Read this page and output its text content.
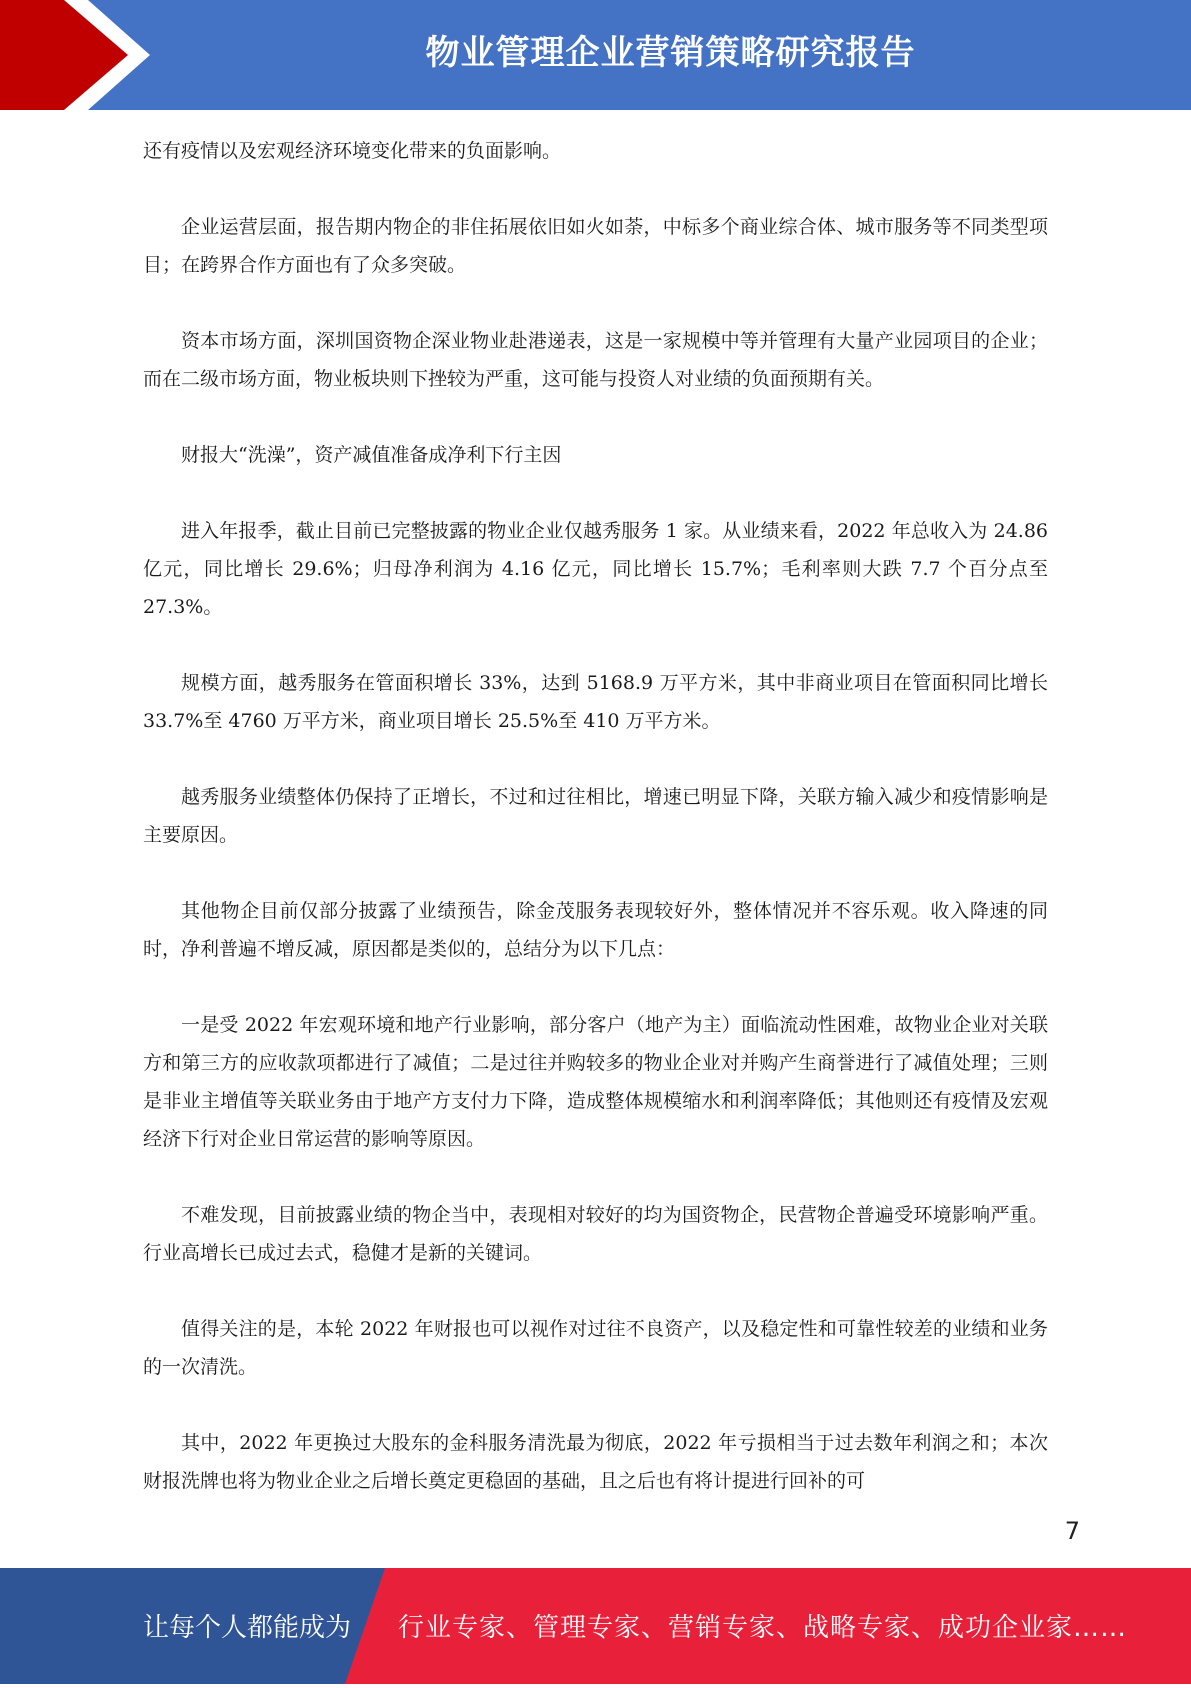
物业管理企业营销策略研究报告

还有疫情以及宏观经济环境变化带来的负面影响。

企业运营层面，报告期内物企的非住拓展依旧如火如荼，中标多个商业综合体、城市服务等不同类型项目；在跨界合作方面也有了众多突破。

资本市场方面，深圳国资物企深业物业赴港递表，这是一家规模中等并管理有大量产业园项目的企业；而在二级市场方面，物业板块则下挫较为严重，这可能与投资人对业绩的负面预期有关。

财报大“洗澡”，资产减值准备成净利下行主因

进入年报季，截止目前已完整披露的物业企业仅越秀服务 1 家。从业绩来看，2022 年总收入为 24.86 亿元，同比增长 29.6%；归母净利润为 4.16 亿元，同比增长 15.7%；毛利率则大跌 7.7 个百分点至 27.3%。

规模方面，越秀服务在管面积增长 33%，达到 5168.9 万平方米，其中非商业项目在管面积同比增长 33.7%至 4760 万平方米，商业项目增长 25.5%至 410 万平方米。

越秀服务业绩整体仍保持了正增长，不过和过往相比，增速已明显下降，关联方输入减少和疫情影响是主要原因。

其他物企目前仅部分披露了业绩预告，除金茂服务表现较好外，整体情况并不容乐观。收入降速的同时，净利普遍不增反减，原因都是类似的，总结分为以下几点：

一是受 2022 年宏观环境和地产行业影响，部分客户（地产为主）面临流动性困难，故物业企业对关联方和第三方的应收款项都进行了减值；二是过往并购较多的物业企业对并购产生商誉进行了减值处理；三则是非业主增值等关联业务由于地产方支付力下降，造成整体规模缩水和利润率降低；其他则还有疫情及宏观经济下行对企业日常运营的影响等原因。

不难发现，目前披露业绩的物企当中，表现相对较好的均为国资物企，民营物企普遍受环境影响严重。行业高增长已成过去式，稳健才是新的关键词。

值得关注的是，本轮 2022 年财报也可以视作对过往不良资产，以及稳定性和可靠性较差的业绩和业务的一次清洗。

其中，2022 年更换过大股东的金科服务清洗最为彻底，2022 年亏损相当于过去数年利润之和；本次财报洗牌也将为物业企业之后增长奠定更稳固的基础，且之后也有将计提进行回补的可

7
让每个人都能成为 行业专家、管理专家、营销专家、战略专家、成功企业家……
